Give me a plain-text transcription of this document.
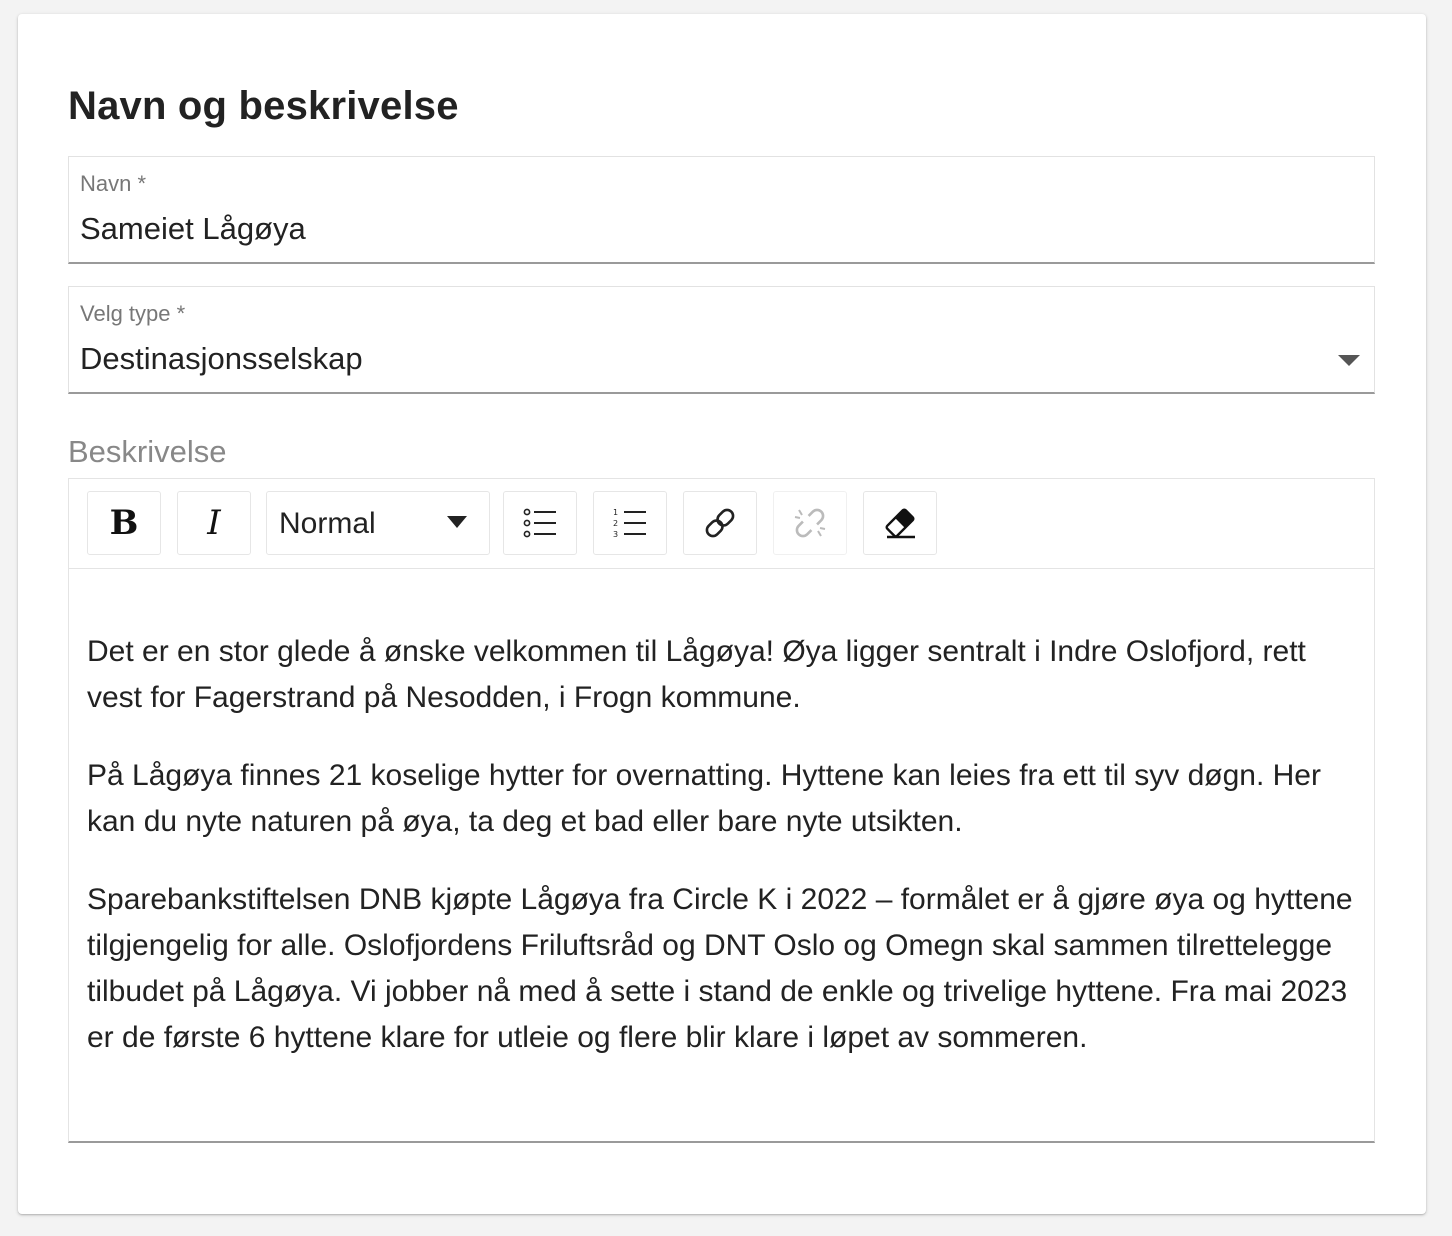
Navn og beskrivelse
Navn *
Sameiet Lågøya
Velg type *
Destinasjonsselskap
Beskrivelse
B I Normal	1
2
3

Det er en stor glede å ønske velkommen til Lågøya! Øya ligger sentralt i Indre Oslofjord, rett vest for Fagerstrand på Nesodden, i Frogn kommune.

På Lågøya finnes 21 koselige hytter for overnatting. Hyttene kan leies fra ett til syv døgn. Her kan du nyte naturen på øya, ta deg et bad eller bare nyte utsikten.

Sparebankstiftelsen DNB kjøpte Lågøya fra Circle K i 2022 – formålet er å gjøre øya og hyttene tilgjengelig for alle. Oslofjordens Friluftsråd og DNT Oslo og Omegn skal sammen tilrettelegge tilbudet på Lågøya. Vi jobber nå med å sette i stand de enkle og trivelige hyttene. Fra mai 2023 er de første 6 hyttene klare for utleie og flere blir klare i løpet av sommeren.
